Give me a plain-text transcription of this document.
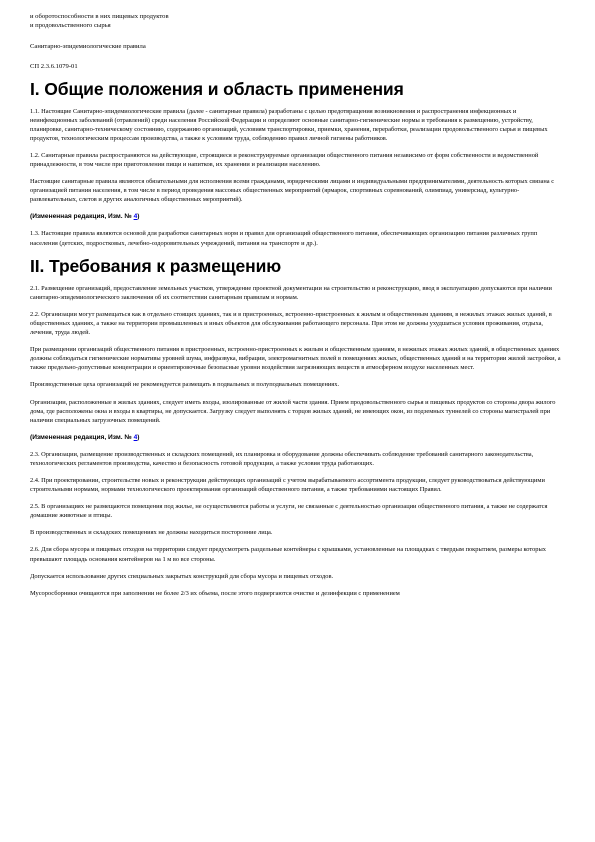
и оборотоспособности в них пищевых продуктов

и продовольственного сырья

Санитарно-эпидемиологические правила

СП 2.3.6.1079-01

I. Общие положения и область применения

1.1. Настоящие Санитарно-эпидемиологические правила (далее - санитарные правила) разработаны с целью предотвращения возникновения и распространения инфекционных и неинфекционных заболеваний (отравлений) среди населения Российской Федерации и определяют основные санитарно-гигиенические нормы и требования к размещению, устройству, планировке, санитарно-техническому состоянию, содержанию организаций, условиям транспортировки, приемки, хранения, переработки, реализации продовольственного сырья и пищевых продуктов, технологическим процессам производства, а также к условиям труда, соблюдению правил личной гигиены работников.

1.2. Санитарные правила распространяются на действующие, строящиеся и реконструируемые организации общественного питания независимо от форм собственности и ведомственной принадлежности, в том числе при приготовлении пищи и напитков, их хранении и реализации населению.

Настоящие санитарные правила являются обязательными для исполнения всеми гражданами, юридическими лицами и индивидуальными предпринимателями, деятельность которых связана с организацией питания населения, в том числе в период проведения массовых общественных мероприятий (ярмарок, спортивных соревнований, олимпиад, универсиад, культурно-развлекательных, слетов и других аналогичных общественных мероприятий).

(Измененная редакция, Изм. № 4)

1.3. Настоящие правила являются основой для разработки санитарных норм и правил для организаций общественного питания, обеспечивающих организацию питания различных групп населения (детских, подростковых, лечебно-оздоровительных учреждений, питания на транспорте и др.).

II. Требования к размещению

2.1. Размещение организаций, предоставление земельных участков, утверждение проектной документации на строительство и реконструкцию, ввод в эксплуатацию допускаются при наличии санитарно-эпидемиологического заключения об их соответствии санитарным правилам и нормам.

2.2. Организации могут размещаться как в отдельно стоящих зданиях, так и в пристроенных, встроенно-пристроенных к жилым и общественным зданиям, в нежилых этажах жилых зданий, в общественных зданиях, а также на территории промышленных и иных объектов для обслуживания работающего персонала. При этом не должны ухудшаться условия проживания, отдыха, лечения, труда людей.

При размещении организаций общественного питания в пристроенных, встроенно-пристроенных к жилым и общественным зданиям, в нежилых этажах жилых зданий, в общественных зданиях должны соблюдаться гигиенические нормативы уровней шума, инфразвука, вибрации, электромагнитных полей в помещениях жилых, общественных зданий и на территории жилой застройки, а также предельно-допустимые концентрации и ориентировочные безопасные уровни воздействия загрязняющих веществ в атмосферном воздухе населенных мест.

Производственные цеха организаций не рекомендуется размещать в подвальных и полуподвальных помещениях.

Организации, расположенные в жилых зданиях, следует иметь входы, изолированные от жилой части здания. Прием продовольственного сырья и пищевых продуктов со стороны двора жилого дома, где расположены окна и входы в квартиры, не допускается. Загрузку следует выполнять с торцов жилых зданий, не имеющих окон, из подземных туннелей со стороны магистралей при наличии специальных загрузочных помещений.

(Измененная редакция, Изм. № 4)

2.3. Организации, размещение производственных и складских помещений, их планировка и оборудование должны обеспечивать соблюдение требований санитарного законодательства, технологических регламентов производства, качество и безопасность готовой продукции, а также условия труда работающих.

2.4. При проектировании, строительстве новых и реконструкции действующих организаций с учетом вырабатываемого ассортимента продукции, следует руководствоваться действующими строительными нормами, нормами технологического проектирования организаций общественного питания, а также требованиями настоящих Правил.

2.5. В организациях не размещаются помещения под жилье, не осуществляются работы и услуги, не связанные с деятельностью организации общественного питания, а также не содержатся домашние животные и птицы.

В производственных и складских помещениях не должны находиться посторонние лица.

2.6. Для сбора мусора и пищевых отходов на территории следует предусмотреть раздельные контейнеры с крышками, установленные на площадках с твердым покрытием, размеры которых превышают площадь основания контейнеров на 1 м во все стороны.

Допускается использование других специальных закрытых конструкций для сбора мусора и пищевых отходов.

Мусоросборники очищаются при заполнении не более 2/3 их объема, после этого подвергаются очистке и дезинфекции с применением
